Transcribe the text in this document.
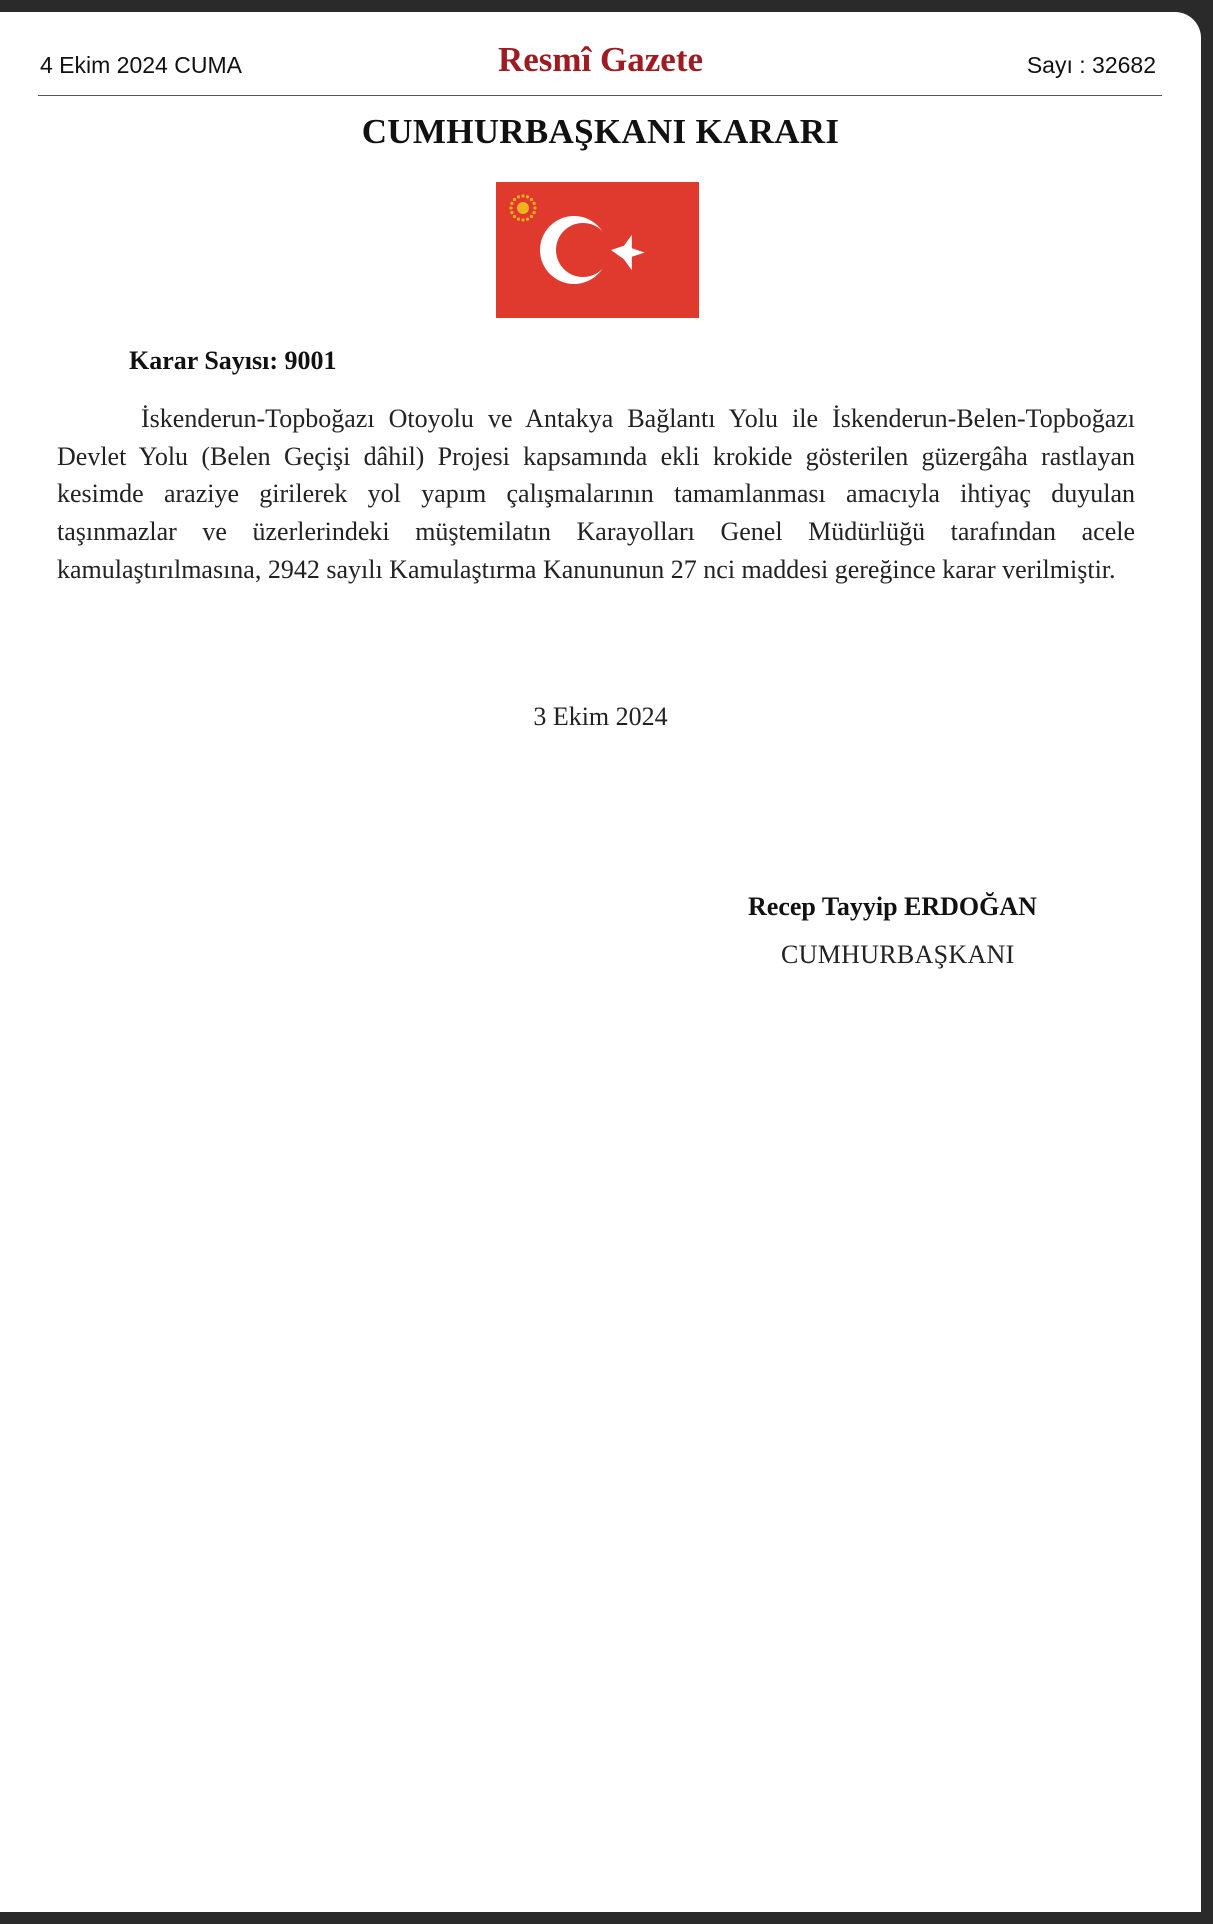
4 Ekim 2024 CUMA	Resmî Gazete	Sayı : 32682
CUMHURBAŞKANI KARARI
Karar Sayısı: 9001

İskenderun-Topboğazı Otoyolu ve Antakya Bağlantı Yolu ile İskenderun-Belen-Topboğazı Devlet Yolu (Belen Geçişi dâhil) Projesi kapsamında ekli krokide gösterilen güzergâha rastlayan kesimde araziye girilerek yol yapım çalışmalarının tamamlanması amacıyla ihtiyaç duyulan taşınmazlar ve üzerlerindeki müştemilatın Karayolları Genel Müdürlüğü tarafından acele kamulaştırılmasına, 2942 sayılı Kamulaştırma Kanununun 27 nci maddesi gereğince karar verilmiştir.

3 Ekim 2024
Recep Tayyip ERDOĞAN
CUMHURBAŞKANI
